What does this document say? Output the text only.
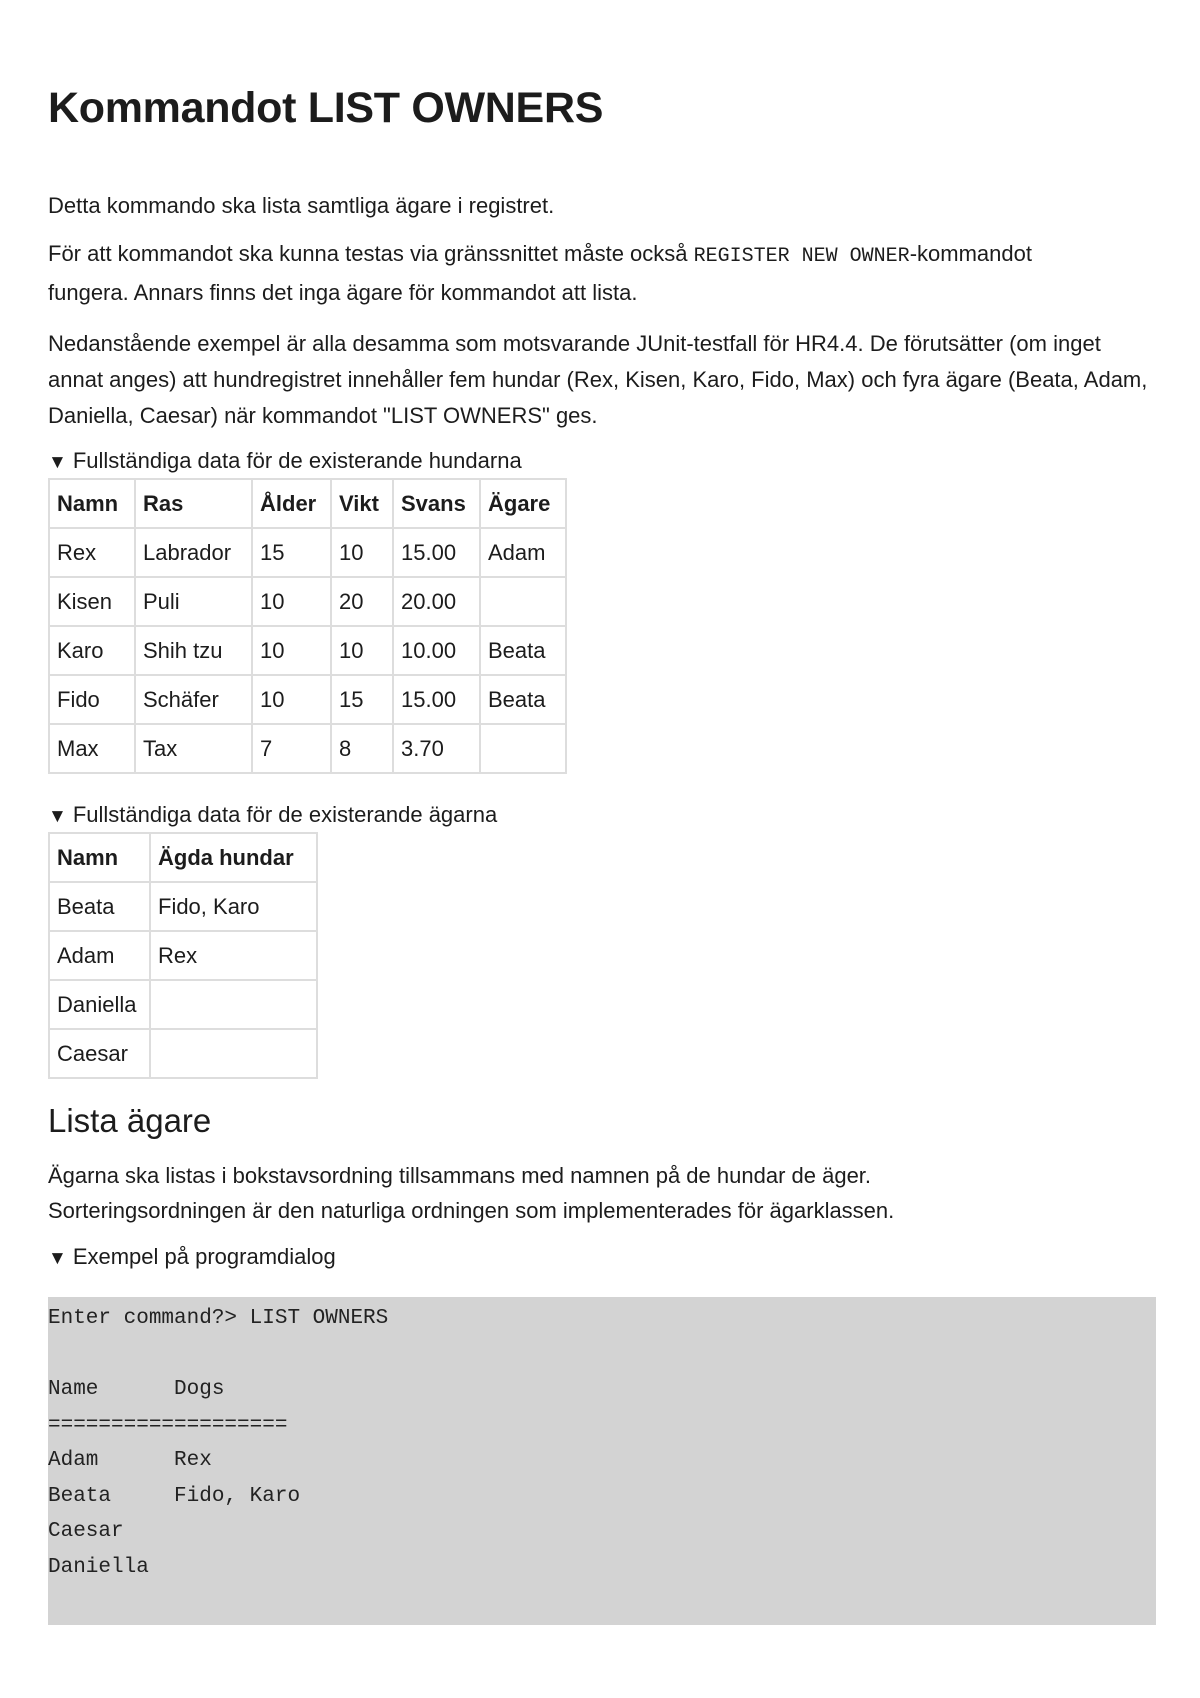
Kommandot LIST OWNERS

Detta kommando ska lista samtliga ägare i registret.

För att kommandot ska kunna testas via gränssnittet måste också REGISTER NEW OWNER-kommandot fungera. Annars finns det inga ägare för kommandot att lista.

Nedanstående exempel är alla desamma som motsvarande JUnit-testfall för HR4.4. De förutsätter (om inget annat anges) att hundregistret innehåller fem hundar (Rex, Kisen, Karo, Fido, Max) och fyra ägare (Beata, Adam, Daniella, Caesar) när kommandot "LIST OWNERS" ges.

▼ Fullständiga data för de existerande hundarna
Namn	Ras	Ålder	Vikt	Svans	Ägare
Rex	Labrador	15	10	15.00	Adam
Kisen	Puli	10	20	20.00	
Karo	Shih tzu	10	10	10.00	Beata
Fido	Schäfer	10	15	15.00	Beata
Max	Tax	7	8	3.70	
▼ Fullständiga data för de existerande ägarna
Namn	Ägda hundar
Beata	Fido, Karo
Adam	Rex
Daniella	
Caesar	
Lista ägare

Ägarna ska listas i bokstavsordning tillsammans med namnen på de hundar de äger. Sorteringsordningen är den naturliga ordningen som implementerades för ägarklassen.

▼ Exempel på programdialog
Enter command?> LIST OWNERS

Name      Dogs
===================
Adam      Rex
Beata     Fido, Karo
Caesar
Daniella
